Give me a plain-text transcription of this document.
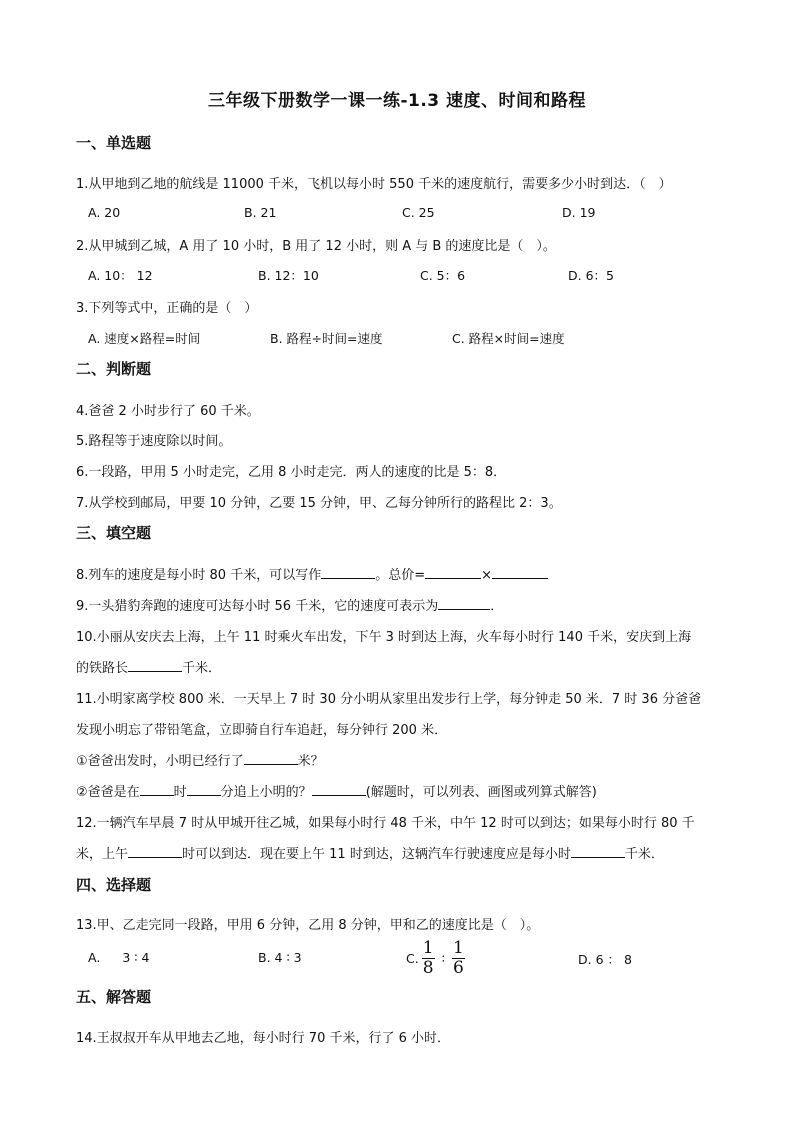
三年级下册数学一课一练-1.3 速度、时间和路程
一、单选题
1.从甲地到乙地的航线是 11000 千米，飞机以每小时 550 千米的速度航行，需要多少小时到达．（　）
A. 20	B. 21	C. 25	D. 19
2.从甲城到乙城，A 用了 10 小时，B 用了 12 小时，则 A 与 B 的速度比是（　）。
A. 10： 12	B. 12：10	C. 5：6	D. 6：5
3.下列等式中，正确的是（　）
A. 速度×路程=时间	B. 路程÷时间=速度	C. 路程×时间=速度
二、判断题
4.爸爸 2 小时步行了 60 千米。
5.路程等于速度除以时间。
6.一段路，甲用 5 小时走完，乙用 8 小时走完．两人的速度的比是 5：8．
7.从学校到邮局，甲要 10 分钟，乙要 15 分钟，甲、乙每分钟所行的路程比 2：3。
三、填空题
8.列车的速度是每小时 80 千米，可以写作	。总价=	×
9.一头猎豹奔跑的速度可达每小时 56 千米，它的速度可表示为	．
10.小丽从安庆去上海，上午 11 时乘火车出发，下午 3 时到达上海，火车每小时行 140 千米，安庆到上海
的铁路长	千米．
11.小明家离学校 800 米．一天早上 7 时 30 分小明从家里出发步行上学，每分钟走 50 米．7 时 36 分爸爸
发现小明忘了带铅笔盒，立即骑自行车追赶，每分钟行 200 米．
①爸爸出发时，小明已经行了	米？
②爸爸是在	时	分追上小明的？	(解题时，可以列表、画图或列算式解答)
12.一辆汽车早晨 7 时从甲城开往乙城，如果每小时行 48 千米，中午 12 时可以到达；如果每小时行 80 千
米，上午	时可以到达．现在要上午 11 时到达，这辆汽车行驶速度应是每小时	千米．
四、选择题
13.甲、乙走完同一段路，甲用 6 分钟，乙用 8 分钟，甲和乙的速度比是（　）。
A. 3 ∶ 4	B. 4 ∶ 3	C. $\frac{1}{8}$ ∶ $\frac{1}{6}$	D. 6 ： 8
五、解答题
14.王叔叔开车从甲地去乙地，每小时行 70 千米，行了 6 小时．
